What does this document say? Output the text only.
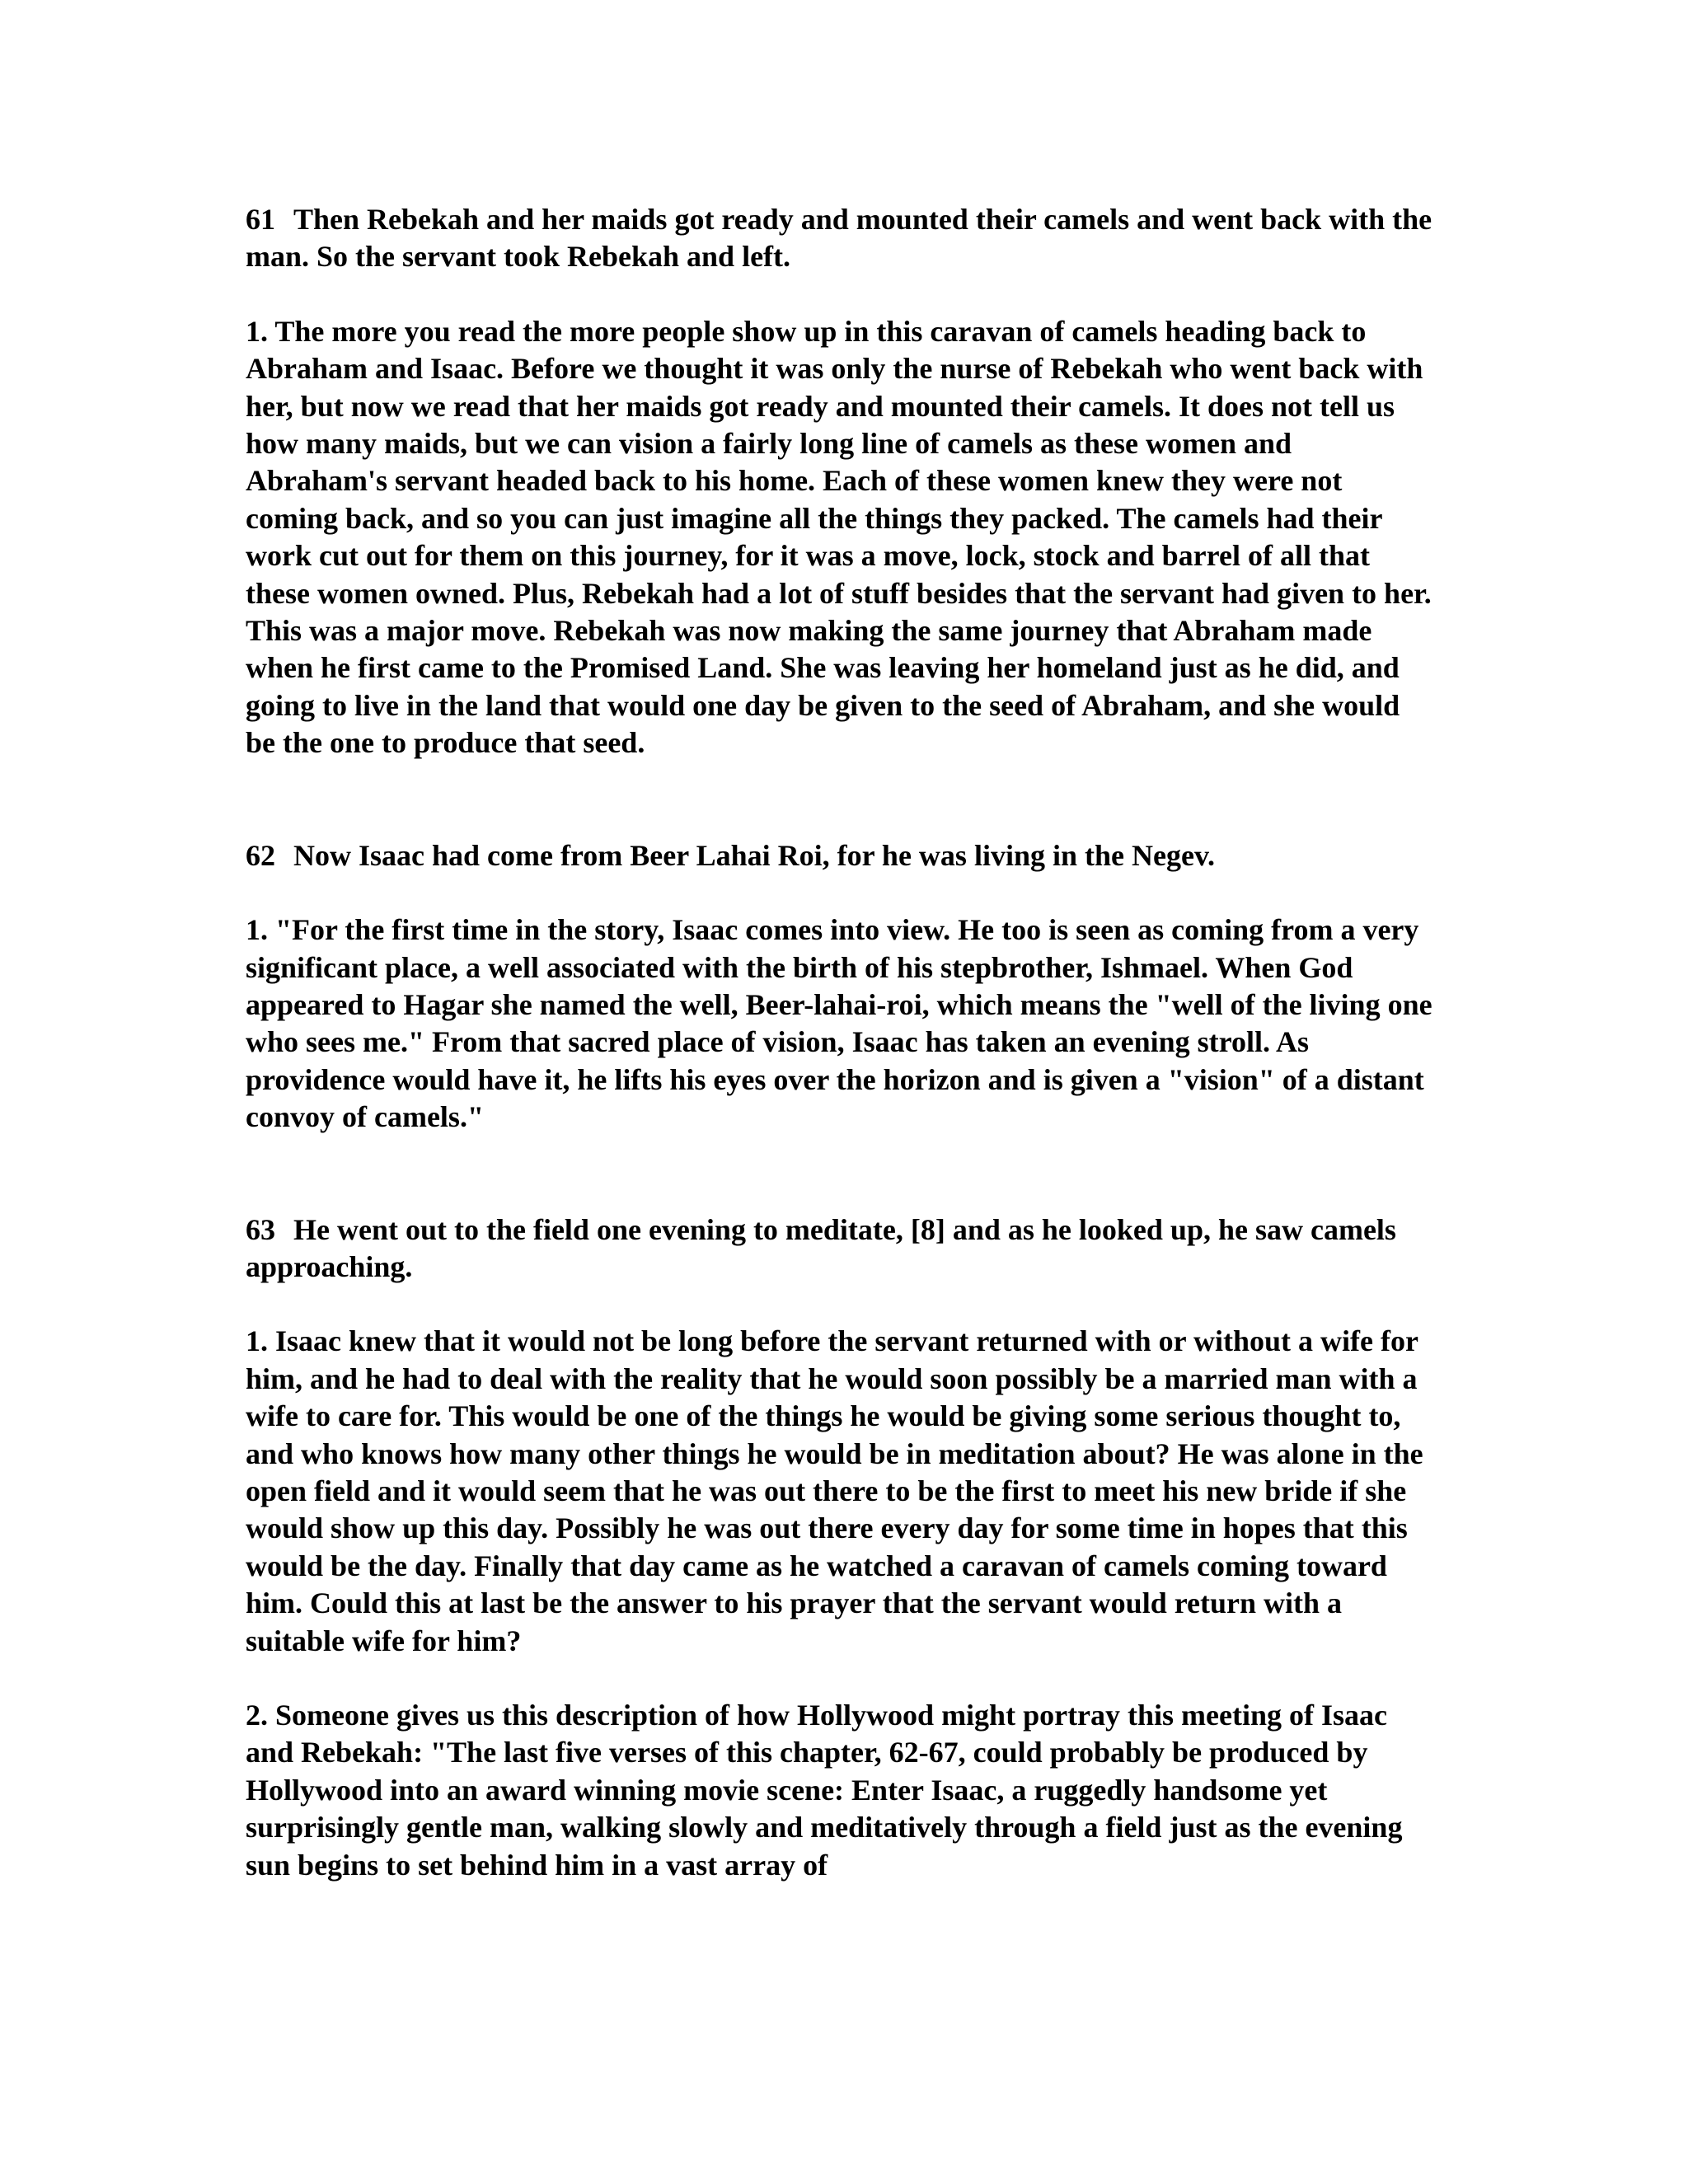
61 Then Rebekah and her maids got ready and mounted their camels and went back with the man. So the servant took Rebekah and left.

1. The more you read the more people show up in this caravan of camels heading back to Abraham and Isaac. Before we thought it was only the nurse of Rebekah who went back with her, but now we read that her maids got ready and mounted their camels. It does not tell us how many maids, but we can vision a fairly long line of camels as these women and Abraham's servant headed back to his home. Each of these women knew they were not coming back, and so you can just imagine all the things they packed. The camels had their work cut out for them on this journey, for it was a move, lock, stock and barrel of all that these women owned. Plus, Rebekah had a lot of stuff besides that the servant had given to her. This was a major move. Rebekah was now making the same journey that Abraham made when he first came to the Promised Land. She was leaving her homeland just as he did, and going to live in the land that would one day be given to the seed of Abraham, and she would be the one to produce that seed.

62 Now Isaac had come from Beer Lahai Roi, for he was living in the Negev.

1. "For the first time in the story, Isaac comes into view. He too is seen as coming from a very significant place, a well associated with the birth of his stepbrother, Ishmael. When God appeared to Hagar she named the well, Beer-lahai-roi, which means the "well of the living one who sees me." From that sacred place of vision, Isaac has taken an evening stroll. As providence would have it, he lifts his eyes over the horizon and is given a "vision" of a distant convoy of camels."

63 He went out to the field one evening to meditate, [8] and as he looked up, he saw camels approaching.

1. Isaac knew that it would not be long before the servant returned with or without a wife for him, and he had to deal with the reality that he would soon possibly be a married man with a wife to care for. This would be one of the things he would be giving some serious thought to, and who knows how many other things he would be in meditation about? He was alone in the open field and it would seem that he was out there to be the first to meet his new bride if she would show up this day. Possibly he was out there every day for some time in hopes that this would be the day. Finally that day came as he watched a caravan of camels coming toward him. Could this at last be the answer to his prayer that the servant would return with a suitable wife for him?

2. Someone gives us this description of how Hollywood might portray this meeting of Isaac and Rebekah: "The last five verses of this chapter, 62-67, could probably be produced by Hollywood into an award winning movie scene: Enter Isaac, a ruggedly handsome yet surprisingly gentle man, walking slowly and meditatively through a field just as the evening sun begins to set behind him in a vast array of
